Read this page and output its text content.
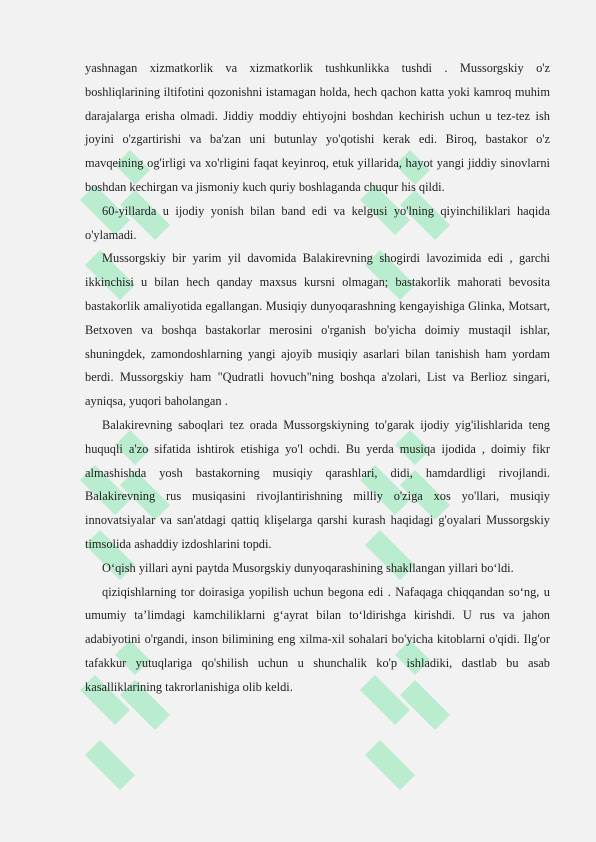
yashnagan xizmatkorlik va xizmatkorlik tushkunlikka tushdi . Mussorgskiy o'z boshliqlarining iltifotini qozonishni istamagan holda, hech qachon katta yoki kamroq muhim darajalarga erisha olmadi. Jiddiy moddiy ehtiyojni boshdan kechirish uchun u tez-tez ish joyini o'zgartirishi va ba'zan uni butunlay yo'qotishi kerak edi. Biroq, bastakor o'z mavqeining og'irligi va xo'rligini faqat keyinroq, etuk yillarida, hayot yangi jiddiy sinovlarni boshdan kechirgan va jismoniy kuch quriy boshlaganda chuqur his qildi.

60-yillarda u ijodiy yonish bilan band edi va kelgusi yo'lning qiyinchiliklari haqida o'ylamadi.

Mussorgskiy bir yarim yil davomida Balakirevning shogirdi lavozimida edi , garchi ikkinchisi u bilan hech qanday maxsus kursni olmagan; bastakorlik mahorati bevosita bastakorlik amaliyotida egallangan. Musiqiy dunyoqarashning kengayishiga Glinka, Motsart, Betxoven va boshqa bastakorlar merosini o'rganish bo'yicha doimiy mustaqil ishlar, shuningdek, zamondoshlarning yangi ajoyib musiqiy asarlari bilan tanishish ham yordam berdi. Mussorgskiy ham "Qudratli hovuch"ning boshqa a'zolari, List va Berlioz singari, ayniqsa, yuqori baholangan .

Balakirevning saboqlari tez orada Mussorgskiyning to'garak ijodiy yig'ilishlarida teng huquqli a'zo sifatida ishtirok etishiga yo'l ochdi. Bu yerda musiqa ijodida , doimiy fikr almashishda yosh bastakorning musiqiy qarashlari, didi, hamdardligi rivojlandi. Balakirevning rus musiqasini rivojlantirishning milliy o'ziga xos yo'llari, musiqiy innovatsiyalar va san'atdagi qattiq klişelarga qarshi kurash haqidagi g'oyalari Mussorgskiy timsolida ashaddiy izdoshlarini topdi.

O‘qish yillari ayni paytda Musorgskiy dunyoqarashining shakllangan yillari bo‘ldi.

qiziqishlarning tor doirasiga yopilish uchun begona edi . Nafaqaga chiqqandan so‘ng, u umumiy ta’limdagi kamchiliklarni g‘ayrat bilan to‘ldirishga kirishdi. U rus va jahon adabiyotini o'rgandi, inson bilimining eng xilma-xil sohalari bo'yicha kitoblarni o'qidi. Ilg'or tafakkur yutuqlariga qo'shilish uchun u shunchalik ko'p ishladiki, dastlab bu asab kasalliklarining takrorlanishiga olib keldi.
